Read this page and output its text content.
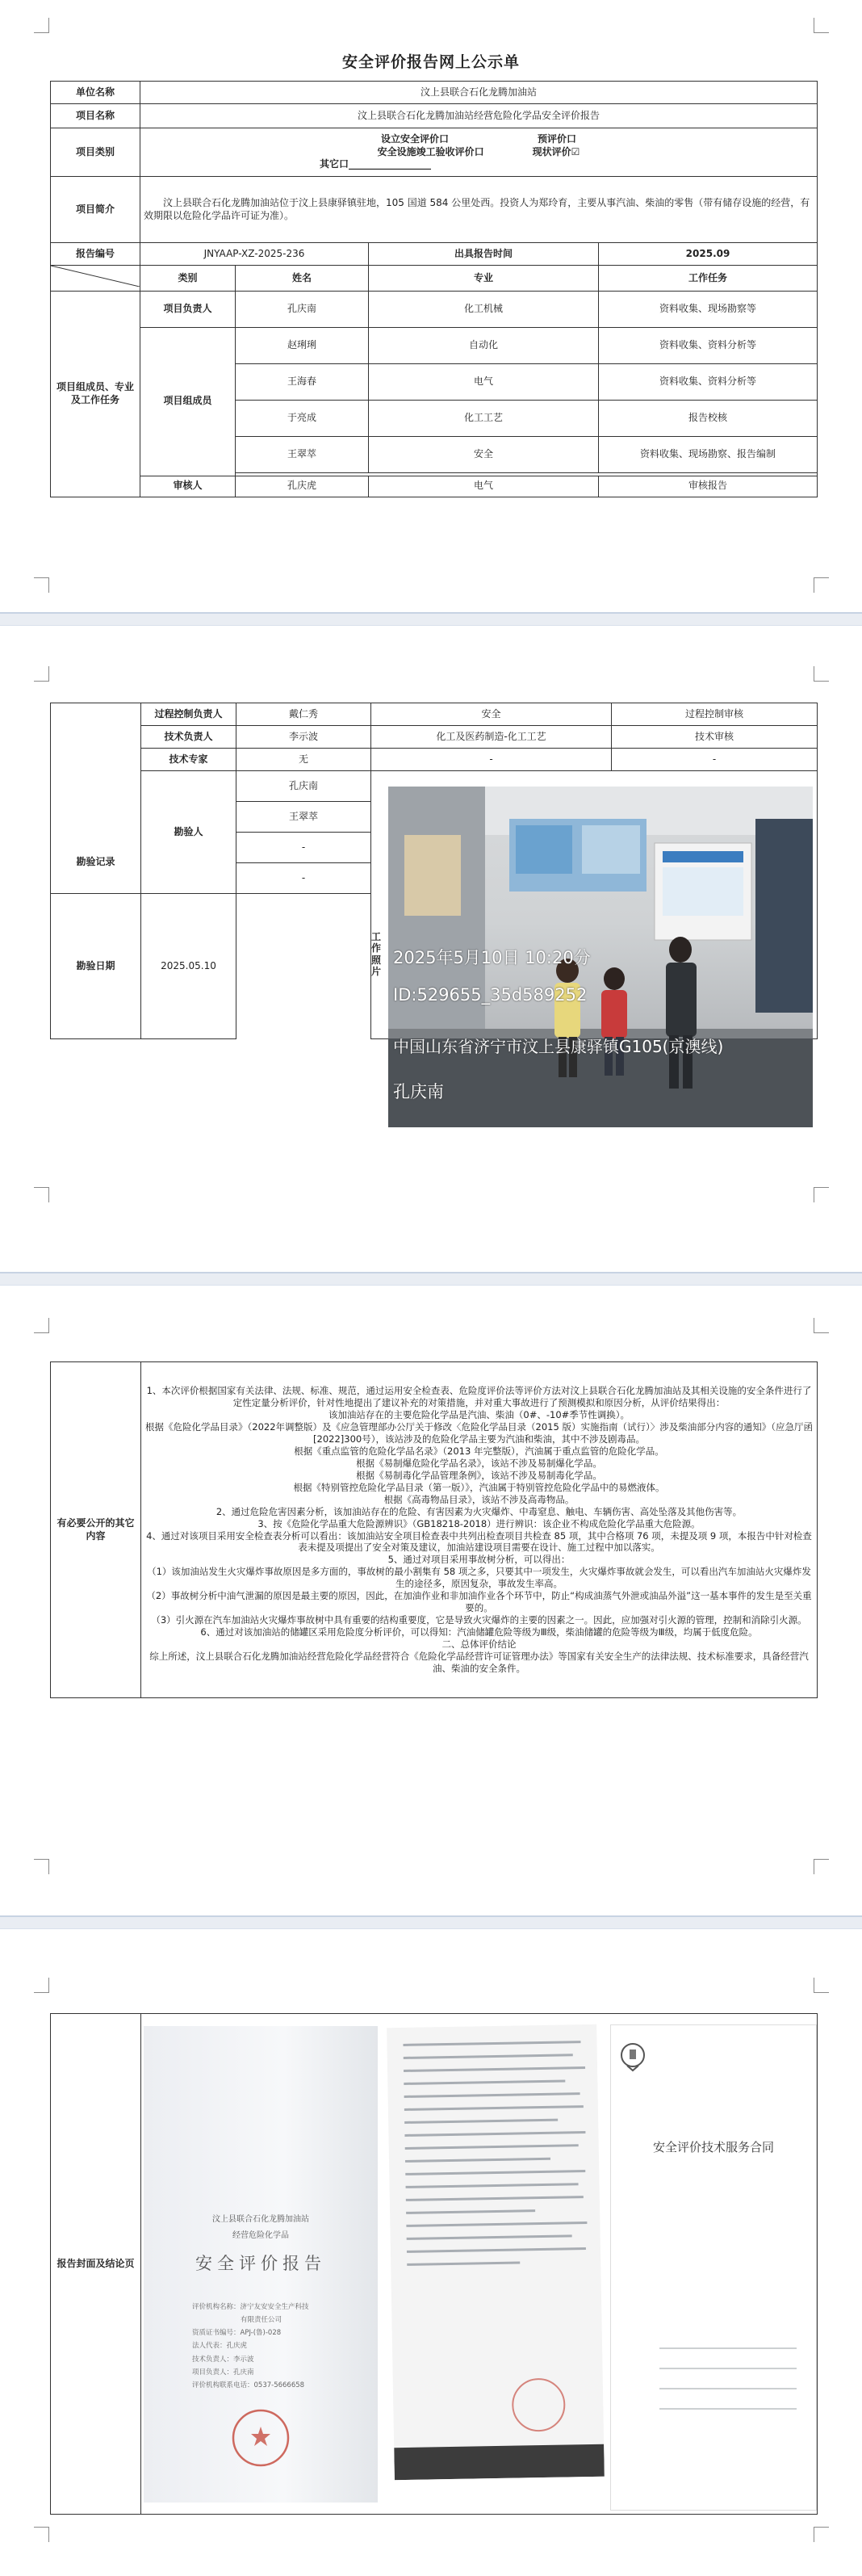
安全评价报告网上公示单
单位名称	汶上县联合石化龙腾加油站			
项目名称	汶上县联合石化龙腾加油站经营危险化学品安全评价报告			
项目类别	设立安全评价口 预评价口
安全设施竣工验收评价口 现状评价☑
其它口_________________			

项目简介	汶上县联合石化龙腾加油站位于汶上县康驿镇驻地，105 国道 584 公里处西。投资人为郑玲育，主要从事汽油、柴油的零售（带有储存设施的经营，有效期限以危险化学品许可证为准）。			
报告编号	JNYAAP-XZ-2025-236		出具报告时间	2025.09
	类别	姓名	专业	工作任务
项目组成员、专业及工作任务	项目负责人	孔庆南	化工机械	资料收集、现场勘察等
	项目组成员	赵琍琍	自动化	资料收集、资料分析等
		王海春	电气	资料收集、资料分析等
		于亮成	化工工艺	报告校核
		王翠萃	安全	资料收集、现场勘察、报告编制

	审核人	孔庆虎	电气	审核报告
勘验记录	过程控制负责人	戴仁秀	安全	过程控制审核
	技术负责人	李示波	化工及医药制造-化工工艺	技术审核
	技术专家	无	-	-
	勘验人	孔庆南		
		王翠萃		
		-		
		-		
勘验日期	2025.05.10			
工作照片
2025年5月10日 10:20分
ID:529655_35d589252
中国山东省济宁市汶上县康驿镇G105(京澳线)
孔庆南
有必要公开的其它内容	

1、本次评价根据国家有关法律、法规、标准、规范，通过运用安全检查表、危险度评价法等评价方法对汶上县联合石化龙腾加油站及其相关设施的安全条件进行了定性定量分析评价，针对性地提出了建议补充的对策措施，并对重大事故进行了预测模拟和原因分析，从评价结果得出：

该加油站存在的主要危险化学品是汽油、柴油（0#、-10#季节性调换）。

根据《危险化学品目录》（2022年调整版）及《应急管理部办公厅关于修改〈危险化学品目录（2015 版）实施指南（试行）〉涉及柴油部分内容的通知》（应急厅函[2022]300号），该站涉及的危险化学品主要为汽油和柴油，其中不涉及剧毒品。

根据《重点监管的危险化学品名录》（2013 年完整版），汽油属于重点监管的危险化学品。

根据《易制爆危险化学品名录》，该站不涉及易制爆化学品。

根据《易制毒化学品管理条例》，该站不涉及易制毒化学品。

根据《特别管控危险化学品目录（第一版）》，汽油属于特别管控危险化学品中的易燃液体。

根据《高毒物品目录》，该站不涉及高毒物品。

2、通过危险危害因素分析，该加油站存在的危险、有害因素为火灾爆炸、中毒窒息、触电、车辆伤害、高处坠落及其他伤害等。

3、按《危险化学品重大危险源辨识》（GB18218-2018）进行辨识：该企业不构成危险化学品重大危险源。

4、通过对该项目采用安全检查表分析可以看出：该加油站安全项目检查表中共列出检查项目共检查 85 项，其中合格项 76 项，未提及项 9 项，本报告中针对检查表未提及项提出了安全对策及建议，加油站建设项目需要在设计、施工过程中加以落实。

5、通过对项目采用事故树分析，可以得出：

（1）该加油站发生火灾爆炸事故原因是多方面的，事故树的最小割集有 58 项之多，只要其中一项发生，火灾爆炸事故就会发生，可以看出汽车加油站火灾爆炸发生的途径多，原因复杂，事故发生率高。

（2）事故树分析中油气泄漏的原因是最主要的原因，因此，在加油作业和非加油作业各个环节中，防止“构成油蒸气外泄或油品外溢”这一基本事件的发生是至关重要的。

（3）引火源在汽车加油站火灾爆炸事故树中具有重要的结构重要度，它是导致火灾爆炸的主要的因素之一。因此，应加强对引火源的管理，控制和消除引火源。

6、通过对该加油站的储罐区采用危险度分析评价，可以得知：汽油储罐危险等级为Ⅲ级，柴油储罐的危险等级为Ⅲ级，均属于低度危险。

二、总体评价结论

综上所述，汶上县联合石化龙腾加油站经营危险化学品经营符合《危险化学品经营许可证管理办法》等国家有关安全生产的法律法规、技术标准要求，具备经营汽油、柴油的安全条件。

报告封面及结论页	
汶上县联合石化龙腾加油站
经营危险化学品
安全评价报告
评价机构名称：济宁友安安全生产科技
有限责任公司
资质证书编号：APJ-(鲁)-028
法人代表：孔庆虎
技术负责人：李示波
项目负责人：孔庆南
评价机构联系电话：0537-5666658
安全评价技术服务合同
